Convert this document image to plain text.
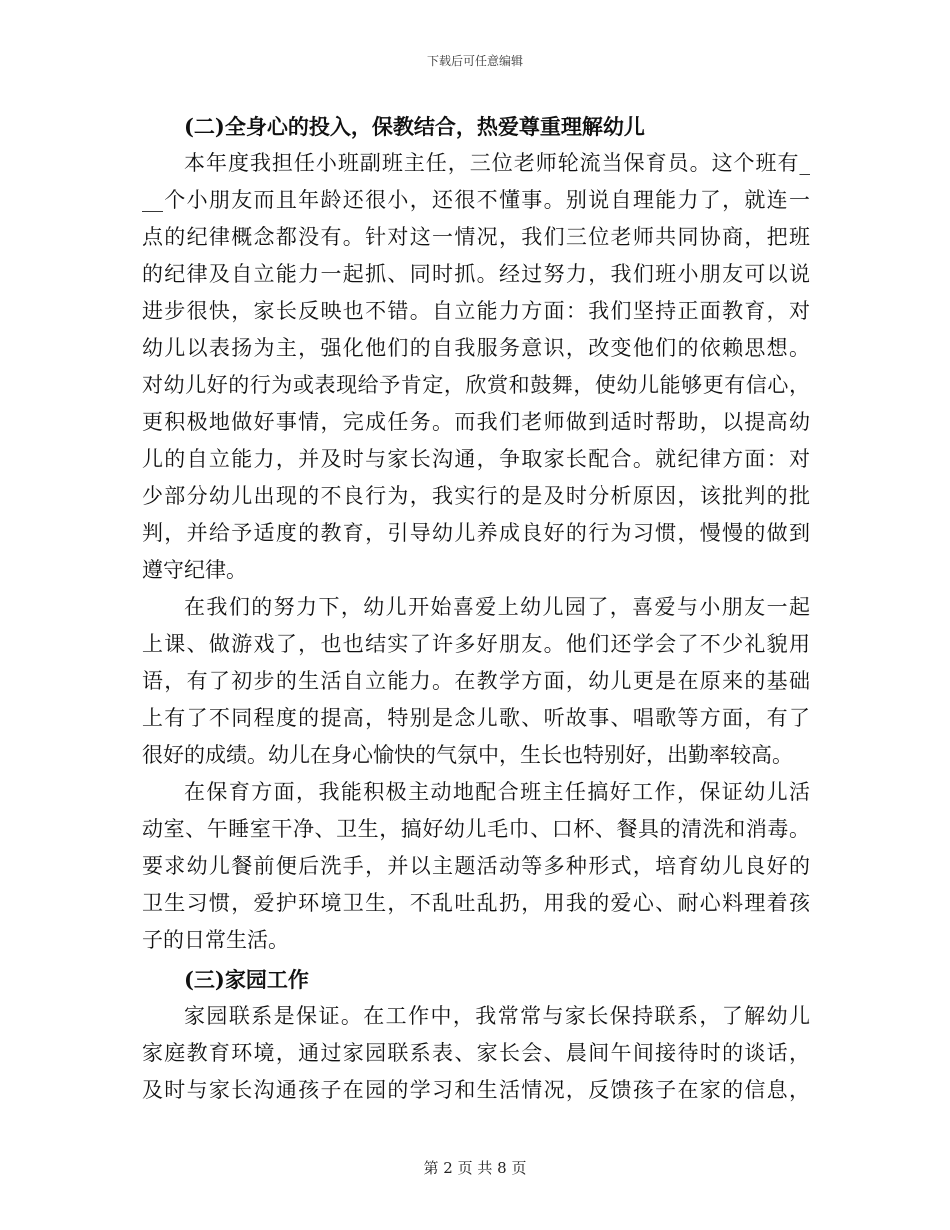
下载后可任意编辑
(二)全身心的投入，保教结合，热爱尊重理解幼儿
本年度我担任小班副班主任，三位老师轮流当保育员。这个班有_
__个小朋友而且年龄还很小，还很不懂事。别说自理能力了，就连一
点的纪律概念都没有。针对这一情况，我们三位老师共同协商，把班
的纪律及自立能力一起抓、同时抓。经过努力，我们班小朋友可以说
进步很快，家长反映也不错。自立能力方面：我们坚持正面教育，对
幼儿以表扬为主，强化他们的自我服务意识，改变他们的依赖思想。
对幼儿好的行为或表现给予肯定，欣赏和鼓舞，使幼儿能够更有信心，
更积极地做好事情，完成任务。而我们老师做到适时帮助，以提高幼
儿的自立能力，并及时与家长沟通，争取家长配合。就纪律方面：对
少部分幼儿出现的不良行为，我实行的是及时分析原因，该批判的批
判，并给予适度的教育，引导幼儿养成良好的行为习惯，慢慢的做到
遵守纪律。
在我们的努力下，幼儿开始喜爱上幼儿园了，喜爱与小朋友一起
上课、做游戏了，也也结实了许多好朋友。他们还学会了不少礼貌用
语，有了初步的生活自立能力。在教学方面，幼儿更是在原来的基础
上有了不同程度的提高，特别是念儿歌、听故事、唱歌等方面，有了
很好的成绩。幼儿在身心愉快的气氛中，生长也特别好，出勤率较高。
在保育方面，我能积极主动地配合班主任搞好工作，保证幼儿活
动室、午睡室干净、卫生，搞好幼儿毛巾、口杯、餐具的清洗和消毒。
要求幼儿餐前便后洗手，并以主题活动等多种形式，培育幼儿良好的
卫生习惯，爱护环境卫生，不乱吐乱扔，用我的爱心、耐心料理着孩
子的日常生活。
(三)家园工作
家园联系是保证。在工作中，我常常与家长保持联系，了解幼儿
家庭教育环境，通过家园联系表、家长会、晨间午间接待时的谈话，
及时与家长沟通孩子在园的学习和生活情况，反馈孩子在家的信息，
第 2 页 共 8 页
